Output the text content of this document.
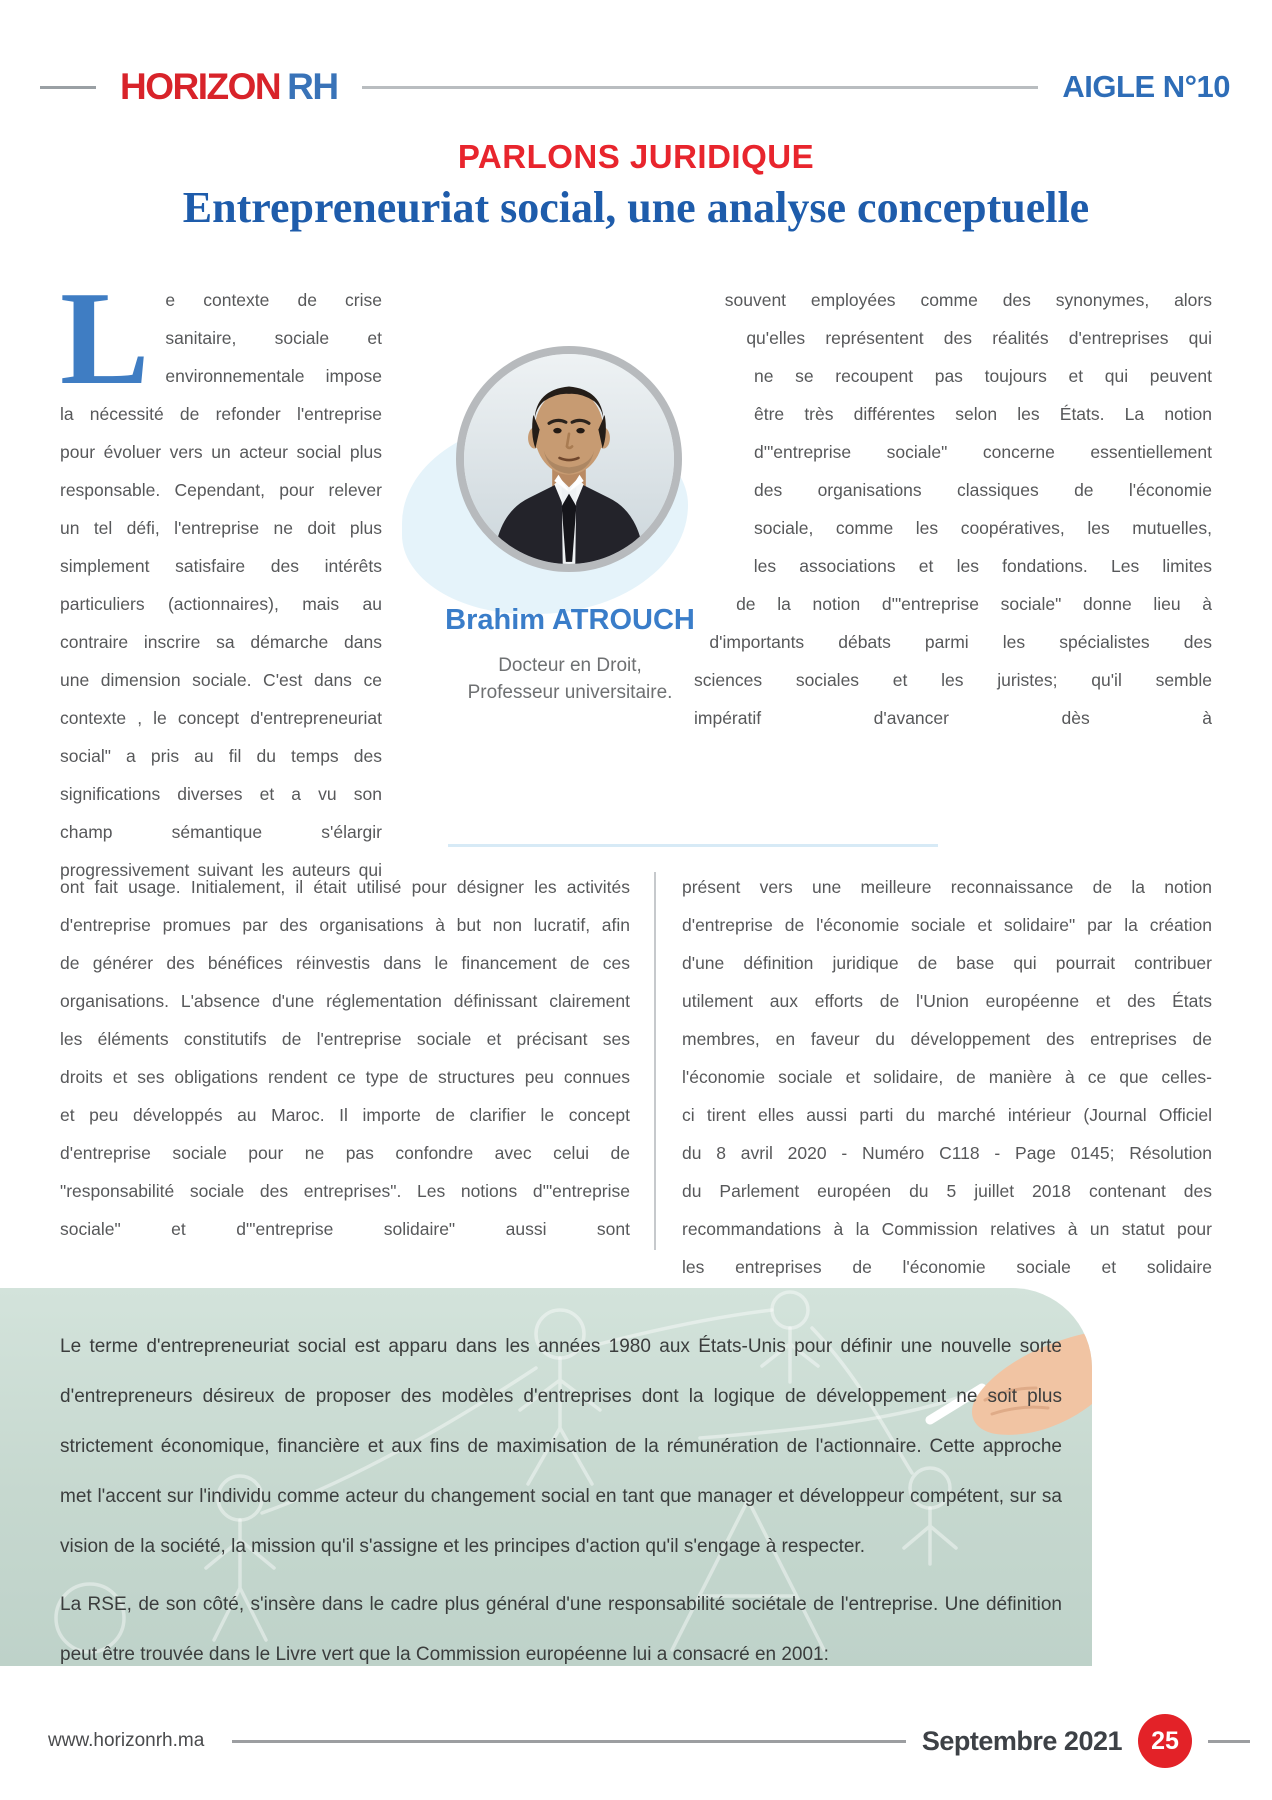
HORIZON RH	AIGLE N°10
PARLONS JURIDIQUE
Entrepreneuriat social, une analyse conceptuelle
Brahim ATROUCH
Docteur en Droit,
Professeur universitaire.

Le contexte de crise sanitaire, sociale et environnementale impose la nécessité de refonder l'entreprise pour évoluer vers un acteur social plus responsable. Cependant, pour relever un tel défi, l'entreprise ne doit plus simplement satisfaire des intérêts particuliers (actionnaires), mais au contraire inscrire sa démarche dans une dimension sociale. C'est dans ce contexte , le concept d'entrepreneuriat social" a pris au fil du temps des significations diverses et a vu son champ sémantique s'élargir progressivement suivant les auteurs qui

souvent employées comme des synonymes, alors qu'elles représentent des réalités d'entreprises qui ne se recoupent pas toujours et qui peuvent être très différentes selon les États. La notion d'"entreprise sociale" concerne essentiellement des organisations classiques de l'économie sociale, comme les coopératives, les mutuelles, les associations et les fondations. Les limites de la notion d'"entreprise sociale" donne lieu à d'importants débats parmi les spécialistes des sciences sociales et les juristes; qu'il semble impératif d'avancer dès à

ont fait usage. Initialement, il était utilisé pour désigner les activités d'entreprise promues par des organisations à but non lucratif, afin de générer des bénéfices réinvestis dans le financement de ces organisations. L'absence d'une réglementation définissant clairement les éléments constitutifs de l'entreprise sociale et précisant ses droits et ses obligations rendent ce type de structures peu connues et peu développés au Maroc. Il importe de clarifier le concept d'entreprise sociale pour ne pas confondre avec celui de "responsabilité sociale des entreprises". Les notions d'"entreprise sociale" et d'"entreprise solidaire" aussi sont

présent vers une meilleure reconnaissance de la notion d'entreprise de l'économie sociale et solidaire" par la création d'une définition juridique de base qui pourrait contribuer utilement aux efforts de l'Union européenne et des États membres, en faveur du développement des entreprises de l'économie sociale et solidaire, de manière à ce que celles-ci tirent elles aussi parti du marché intérieur (Journal Officiel du 8 avril 2020 - Numéro C118 - Page 0145; Résolution du Parlement européen du 5 juillet 2018 contenant des recommandations à la Commission relatives à un statut pour les entreprises de l'économie sociale et solidaire

Le terme d'entrepreneuriat social est apparu dans les années 1980 aux États-Unis pour définir une nouvelle sorte d'entrepreneurs désireux de proposer des modèles d'entreprises dont la logique de développement ne soit plus strictement économique, financière et aux fins de maximisation de la rémunération de l'actionnaire. Cette approche met l'accent sur l'individu comme acteur du changement social en tant que manager et développeur compétent, sur sa vision de la société, la mission qu'il s'assigne et les principes d'action qu'il s'engage à respecter.

La RSE, de son côté, s'insère dans le cadre plus général d'une responsabilité sociétale de l'entreprise. Une définition peut être trouvée dans le Livre vert que la Commission européenne lui a consacré en 2001:

www.horizonrh.ma	Septembre 2021	25
